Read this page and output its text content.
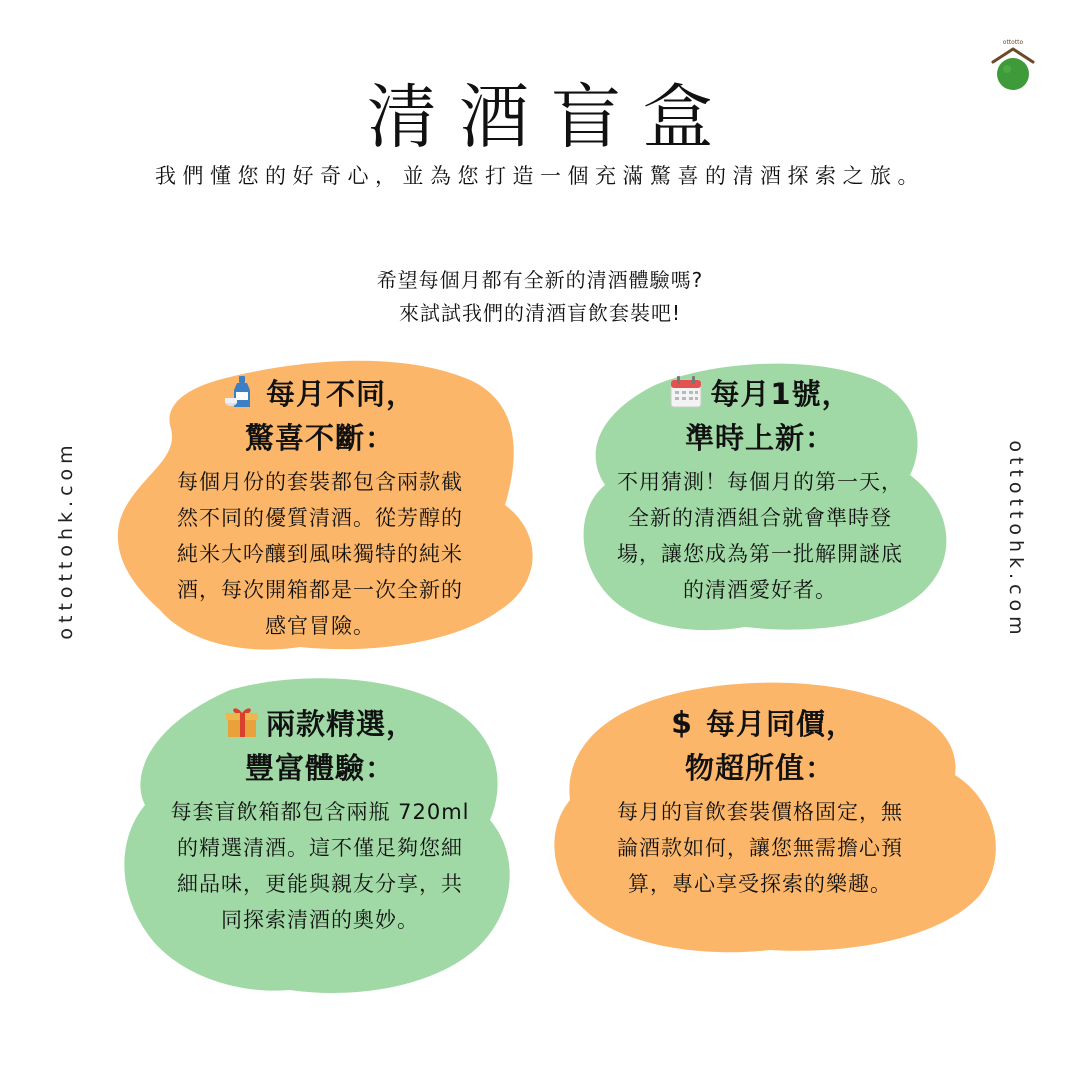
ottotto
清酒盲盒
我們懂您的好奇心，並為您打造一個充滿驚喜的清酒探索之旅。
希望每個月都有全新的清酒體驗嗎?
來試試我們的清酒盲飲套裝吧!
ottottohk.com	ottottohk.com
每月不同，
驚喜不斷：
每個月份的套裝都包含兩款截
然不同的優質清酒。從芳醇的
純米大吟釀到風味獨特的純米
酒，每次開箱都是一次全新的
感官冒險。
每月1號，
準時上新：
不用猜測！每個月的第一天，
全新的清酒組合就會準時登
場，讓您成為第一批解開謎底
的清酒愛好者。
兩款精選，
豐富體驗：
每套盲飲箱都包含兩瓶 720ml
的精選清酒。這不僅足夠您細
細品味，更能與親友分享，共
同探索清酒的奧妙。
$ 每月同價，
物超所值：
每月的盲飲套裝價格固定，無
論酒款如何，讓您無需擔心預
算，專心享受探索的樂趣。
